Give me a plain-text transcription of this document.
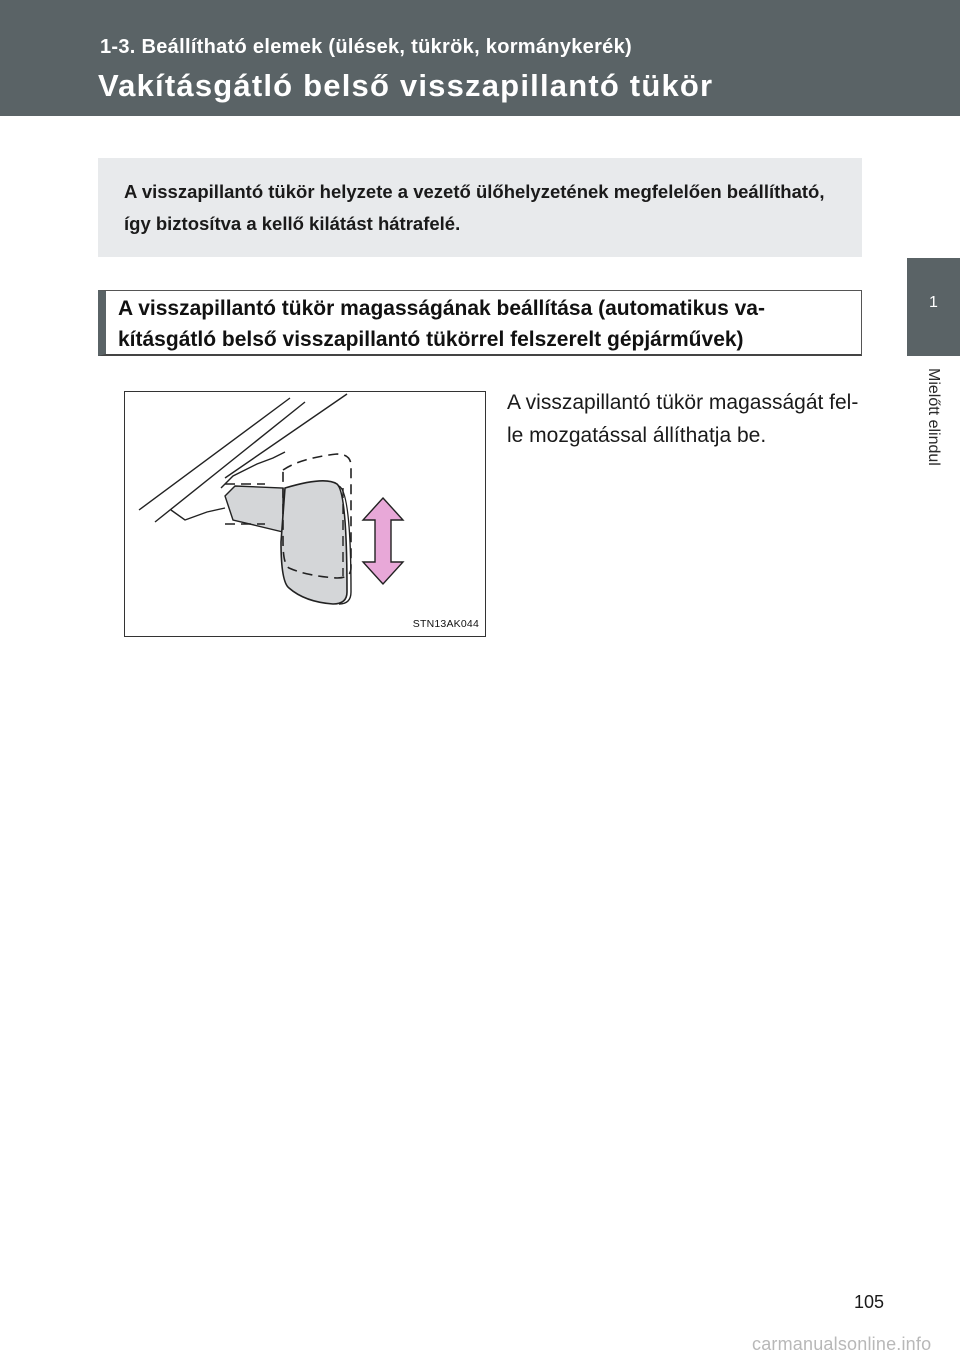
1-3. Beállítható elemek (ülések, tükrök, kormánykerék)
Vakításgátló belső visszapillantó tükör
1
Mielőtt elindul

A visszapillantó tükör helyzete a vezető ülőhelyzetének megfelelően beállítható, így biztosítva a kellő kilátást hátrafelé.

A visszapillantó tükör magasságának beállítása (automatikus va-kításgátló belső visszapillantó tükörrel felszerelt gépjárművek)

STN13AK044
A visszapillantó tükör magasságát fel-le mozgatással állíthatja be.
105
carmanualsonline.info
